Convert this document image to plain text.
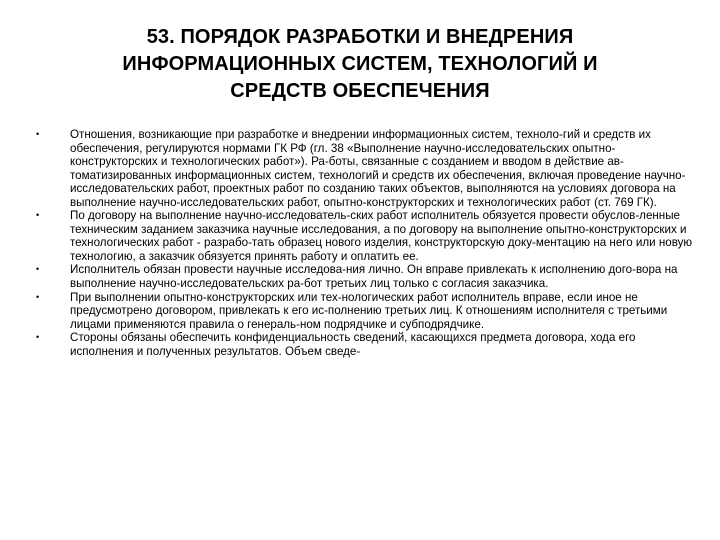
53. ПОРЯДОК РАЗРАБОТКИ И ВНЕДРЕНИЯ
ИНФОРМАЦИОННЫХ СИСТЕМ, ТЕХНОЛОГИЙ И
СРЕДСТВ ОБЕСПЕЧЕНИЯ
•	Отношения, возникающие при разработке и внедрении информационных систем, техноло-гий и средств их обеспечения, регулируются нормами ГК РФ (гл. 38 «Выполнение научно-исследовательских опытно-конструкторских и технологических работ»). Ра-боты, связанные с созданием и вводом в действие ав-томатизированных информационных систем, технологий и средств их обеспечения, включая проведение научно-исследовательских работ, проектных работ по созданию таких объектов, выполняются на условиях договора на выполнение научно-исследовательских работ, опытно-конструкторских и технологических работ (ст. 769 ГК).
•	По договору на выполнение научно-исследователь-ских работ исполнитель обязуется провести обуслов-ленные техническим заданием заказчика научные исследования, а по договору на выполнение опытно-конструкторских и технологических работ - разрабо-тать образец нового изделия, конструкторскую доку-ментацию на него или новую технологию, а заказчик обязуется принять работу и оплатить ее.
•	Исполнитель обязан провести научные исследова-ния лично. Он вправе привлекать к исполнению дого-вора на выполнение научно-исследовательских ра-бот третьих лиц только с согласия заказчика.
•	При выполнении опытно-конструкторских или тех-нологических работ исполнитель вправе, если иное не предусмотрено договором, привлекать к его ис-полнению третьих лиц. К отношениям исполнителя с третьими лицами применяются правила о генераль-ном подрядчике и субподрядчике.
•	Стороны обязаны обеспечить конфиденциальность сведений, касающихся предмета договора, хода его исполнения и полученных результатов. Объем сведе-
